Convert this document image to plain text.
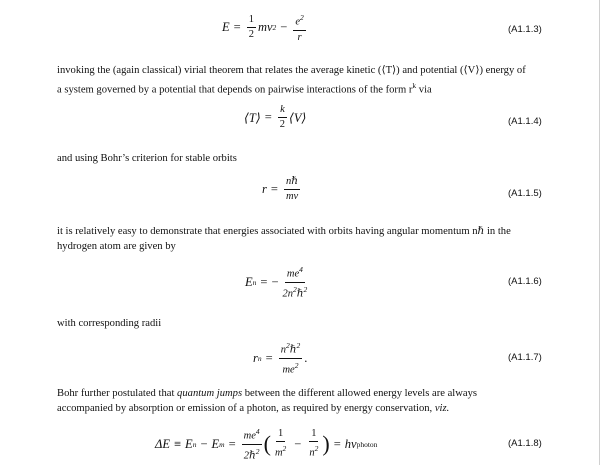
$E = \frac{1}{2}$ mv $2 - \frac{e^2}{r}$	(A1.1.3)

invoking the (again classical) virial theorem that relates the average kinetic (⟨T⟩) and potential (⟨V⟩) energy of
a system governed by a potential that depends on pairwise interactions of the form $r^k$ via

⟨T⟩ = $\frac{k}{2}$ ⟨V⟩	(A1.1.4)

and using Bohr’s criterion for stable orbits

$r = \frac{\text{nℏ}}{mv}$	(A1.1.5)

it is relatively easy to demonstrate that energies associated with orbits having angular momentum nℏ in the
hydrogen atom are given by

E n = − $\frac{me^4}{2n^2\hbar^2}$	(A1.1.6)

with corresponding radii

r $n = \frac{n^2\hbar^2}{me^2}$ .	(A1.1.7)

Bohr further postulated that quantum jumps between the different allowed energy levels are always
accompanied by absorption or emission of a photon, as required by energy conservation, viz.

ΔE ≡ E n − E $m = \frac{me^4}{2\hbar^2}$ ( $\frac{1}{m^2} - \frac{1}{n^2}$ ) = hν photon	(A1.1.8)
